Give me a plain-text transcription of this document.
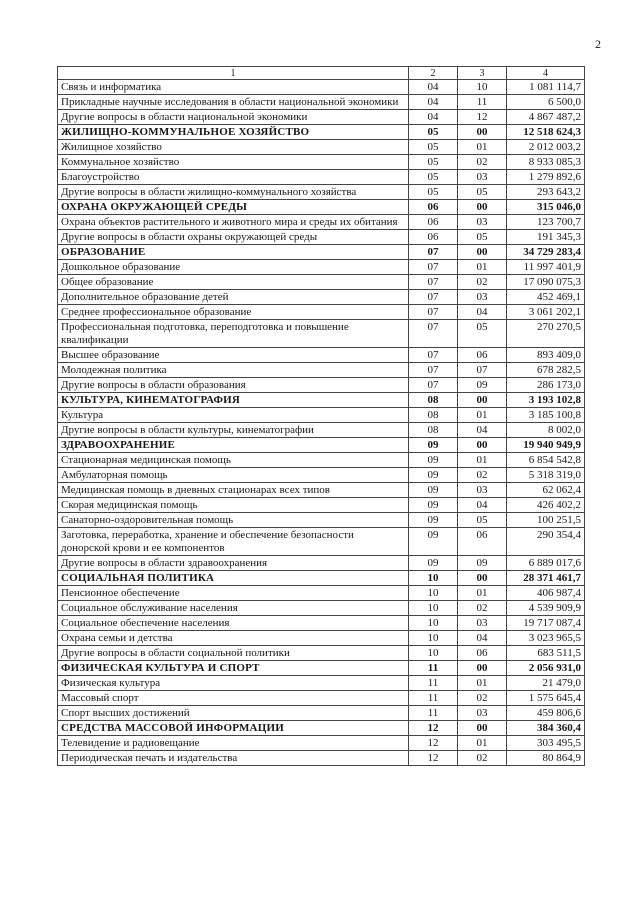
2
1	2	3	4
Связь и информатика	04	10	1 081 114,7
Прикладные научные исследования в области национальной экономики	04	11	6 500,0
Другие вопросы в области национальной экономики	04	12	4 867 487,2
ЖИЛИЩНО-КОММУНАЛЬНОЕ ХОЗЯЙСТВО	05	00	12 518 624,3
Жилищное хозяйство	05	01	2 012 003,2
Коммунальное хозяйство	05	02	8 933 085,3
Благоустройство	05	03	1 279 892,6
Другие вопросы в области жилищно-коммунального хозяйства	05	05	293 643,2
ОХРАНА ОКРУЖАЮЩЕЙ СРЕДЫ	06	00	315 046,0
Охрана объектов растительного и животного мира и среды их обитания	06	03	123 700,7
Другие вопросы в области охраны окружающей среды	06	05	191 345,3
ОБРАЗОВАНИЕ	07	00	34 729 283,4
Дошкольное образование	07	01	11 997 401,9
Общее образование	07	02	17 090 075,3
Дополнительное образование детей	07	03	452 469,1
Среднее профессиональное образование	07	04	3 061 202,1
Профессиональная подготовка, переподготовка и повышение квалификации	07	05	270 270,5
Высшее образование	07	06	893 409,0
Молодежная политика	07	07	678 282,5
Другие вопросы в области образования	07	09	286 173,0
КУЛЬТУРА, КИНЕМАТОГРАФИЯ	08	00	3 193 102,8
Культура	08	01	3 185 100,8
Другие вопросы в области культуры, кинематографии	08	04	8 002,0
ЗДРАВООХРАНЕНИЕ	09	00	19 940 949,9
Стационарная медицинская помощь	09	01	6 854 542,8
Амбулаторная помощь	09	02	5 318 319,0
Медицинская помощь в дневных стационарах всех типов	09	03	62 062,4
Скорая медицинская помощь	09	04	426 402,2
Санаторно-оздоровительная помощь	09	05	100 251,5
Заготовка, переработка, хранение и обеспечение безопасности донорской крови и ее компонентов	09	06	290 354,4
Другие вопросы в области здравоохранения	09	09	6 889 017,6
СОЦИАЛЬНАЯ ПОЛИТИКА	10	00	28 371 461,7
Пенсионное обеспечение	10	01	406 987,4
Социальное обслуживание населения	10	02	4 539 909,9
Социальное обеспечение населения	10	03	19 717 087,4
Охрана семьи и детства	10	04	3 023 965,5
Другие вопросы в области социальной политики	10	06	683 511,5
ФИЗИЧЕСКАЯ КУЛЬТУРА И СПОРТ	11	00	2 056 931,0
Физическая культура	11	01	21 479,0
Массовый спорт	11	02	1 575 645,4
Спорт высших достижений	11	03	459 806,6
СРЕДСТВА МАССОВОЙ ИНФОРМАЦИИ	12	00	384 360,4
Телевидение и радиовещание	12	01	303 495,5
Периодическая печать и издательства	12	02	80 864,9
